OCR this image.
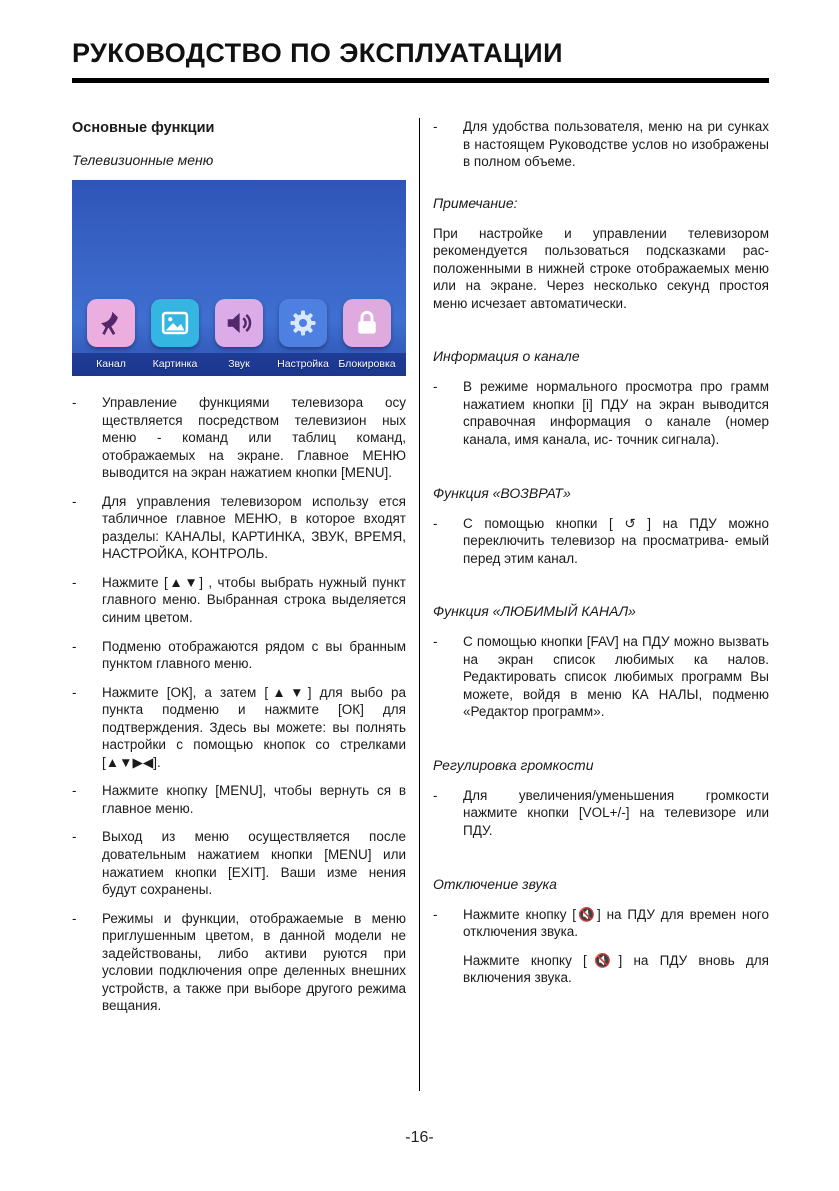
РУКОВОДСТВО ПО ЭКСПЛУАТАЦИИ
Основные функции
Телевизионные меню
Канал	Картинка	Звук	Настройка Блокировка
-	Управление функциями телевизора осу ществляется посредством телевизион ных меню - команд или таблиц команд, отображаемых на экране. Главное МЕНЮ выводится на экран нажатием кнопки [MENU].
-	Для управления телевизором использу ется табличное главное МЕНЮ, в которое входят разделы: КАНАЛЫ, КАРТИНКА, ЗВУК, ВРЕМЯ, НАСТРОЙКА, КОНТРОЛЬ.
-	Нажмите [▲▼] , чтобы выбрать нужный пункт главного меню. Выбранная строка выделяется синим цветом.
-	Подменю отображаются рядом с вы бранным пунктом главного меню.
-	Нажмите [ОК], а затем [▲▼] для выбо ра пункта подменю и нажмите [ОК] для подтверждения. Здесь вы можете: вы полнять настройки с помощью кнопок со стрелками [▲▼▶◀].
-	Нажмите кнопку [MENU], чтобы вернуть ся в главное меню.
-	Выход из меню осуществляется после довательным нажатием кнопки [MENU] или нажатием кнопки [EXIT]. Ваши изме нения будут сохранены.
-	Режимы и функции, отображаемые в меню приглушенным цветом, в данной модели не задействованы, либо активи руются при условии подключения опре деленных внешних устройств, а также при выборе другого режима вещания.
-	Для удобства пользователя, меню на ри сунках в настоящем Руководстве услов но изображены в полном объеме.
Примечание:
При настройке и управлении телевизором рекомендуется пользоваться подсказками рас- положенными в нижней строке отображаемых меню или на экране. Через несколько секунд простоя меню исчезает автоматически.
Информация о канале
-	В режиме нормального просмотра про грамм нажатием кнопки [i] ПДУ на экран выводится справочная информация о канале (номер канала, имя канала, ис- точник сигнала).
Функция «ВОЗВРАТ»
-	С помощью кнопки [ ↺ ] на ПДУ можно переключить телевизор на просматрива- емый перед этим канал.
Функция «ЛЮБИМЫЙ КАНАЛ»
-	С помощью кнопки [FAV] на ПДУ можно вызвать на экран список любимых ка налов. Редактировать список любимых программ Вы можете, войдя в меню КА НАЛЫ, подменю «Редактор программ».
Регулировка громкости
-	Для увеличения/уменьшения громкости нажмите кнопки [VOL+/-] на телевизоре или ПДУ.
Отключение звука
-	Нажмите кнопку [🔇] на ПДУ для времен ного отключения звука.
Нажмите кнопку [🔇] на ПДУ вновь для включения звука.
-16-
